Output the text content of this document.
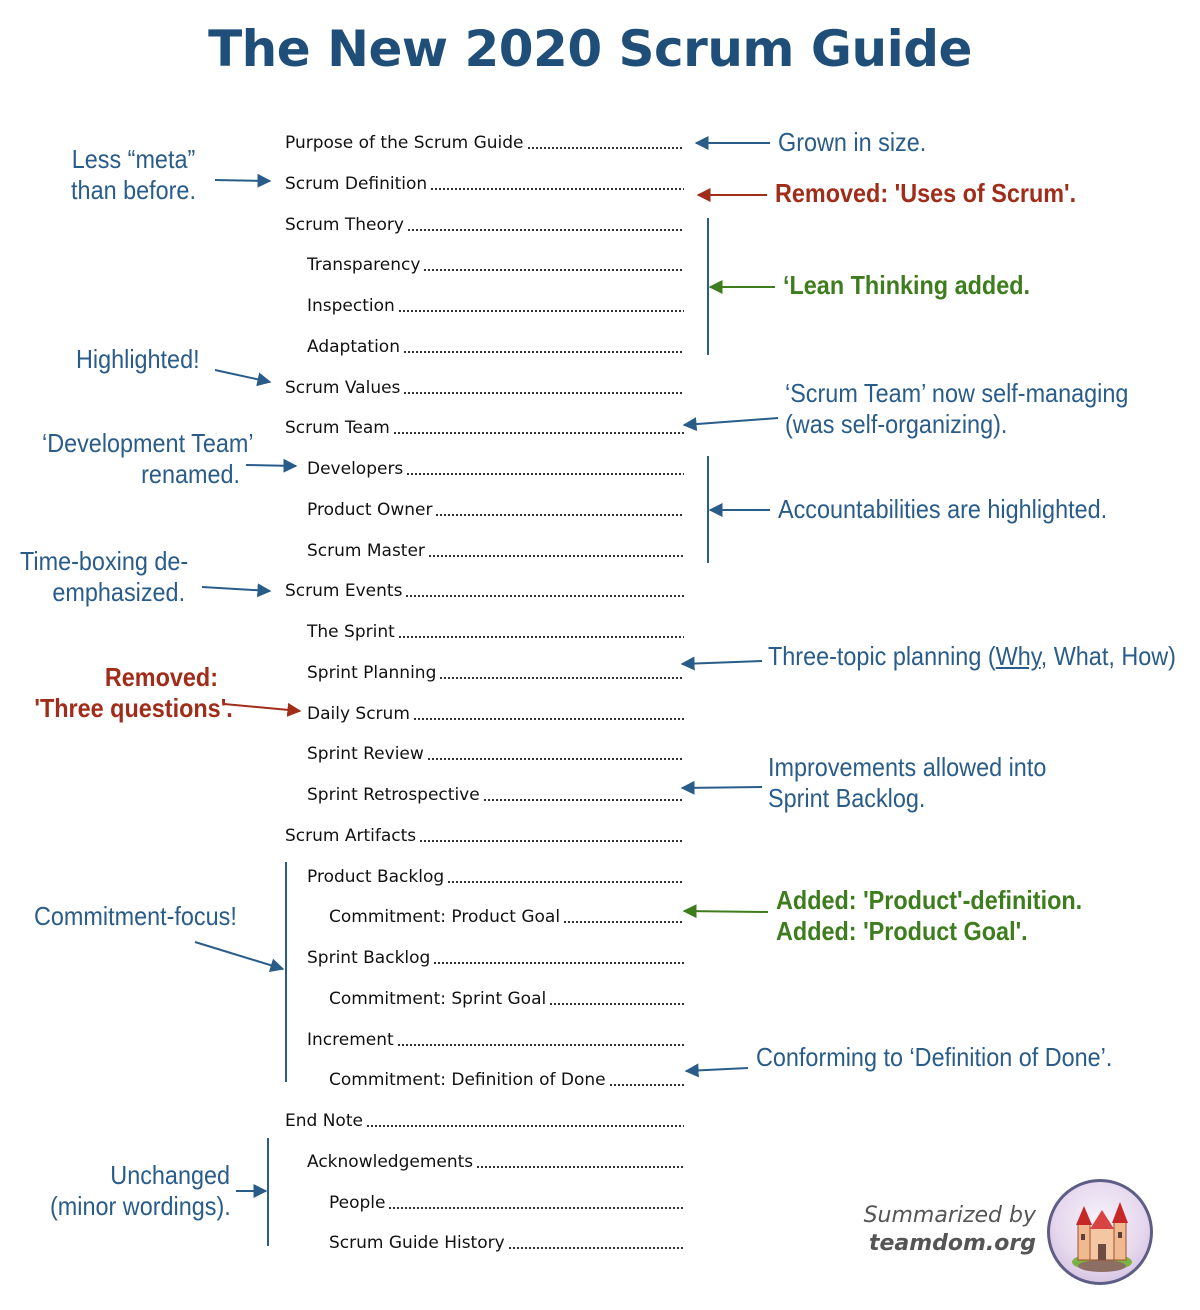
The New 2020 Scrum Guide
Purpose of the Scrum Guide
Scrum Definition
Scrum Theory
Transparency
Inspection
Adaptation
Scrum Values
Scrum Team
Developers
Product Owner
Scrum Master
Scrum Events
The Sprint
Sprint Planning
Daily Scrum
Sprint Review
Sprint Retrospective
Scrum Artifacts
Product Backlog
Commitment: Product Goal
Sprint Backlog
Commitment: Sprint Goal
Increment
Commitment: Definition of Done
End Note
Acknowledgements
People
Scrum Guide History
Less “meta”
than before.
Highlighted!
‘Development Team’
renamed.
Time-boxing de-
emphasized.
Removed:
'Three questions'.
Commitment-focus!
Unchanged
(minor wordings).
Grown in size.
Removed: 'Uses of Scrum'.
‘Lean Thinking added.
‘Scrum Team’ now self-managing
(was self-organizing).
Accountabilities are highlighted.
Three-topic planning (Why, What, How)
Improvements allowed into
Sprint Backlog.
Added: 'Product'-definition.
Added: 'Product Goal'.
Conforming to ‘Definition of Done’.
Summarized by
teamdom.org
